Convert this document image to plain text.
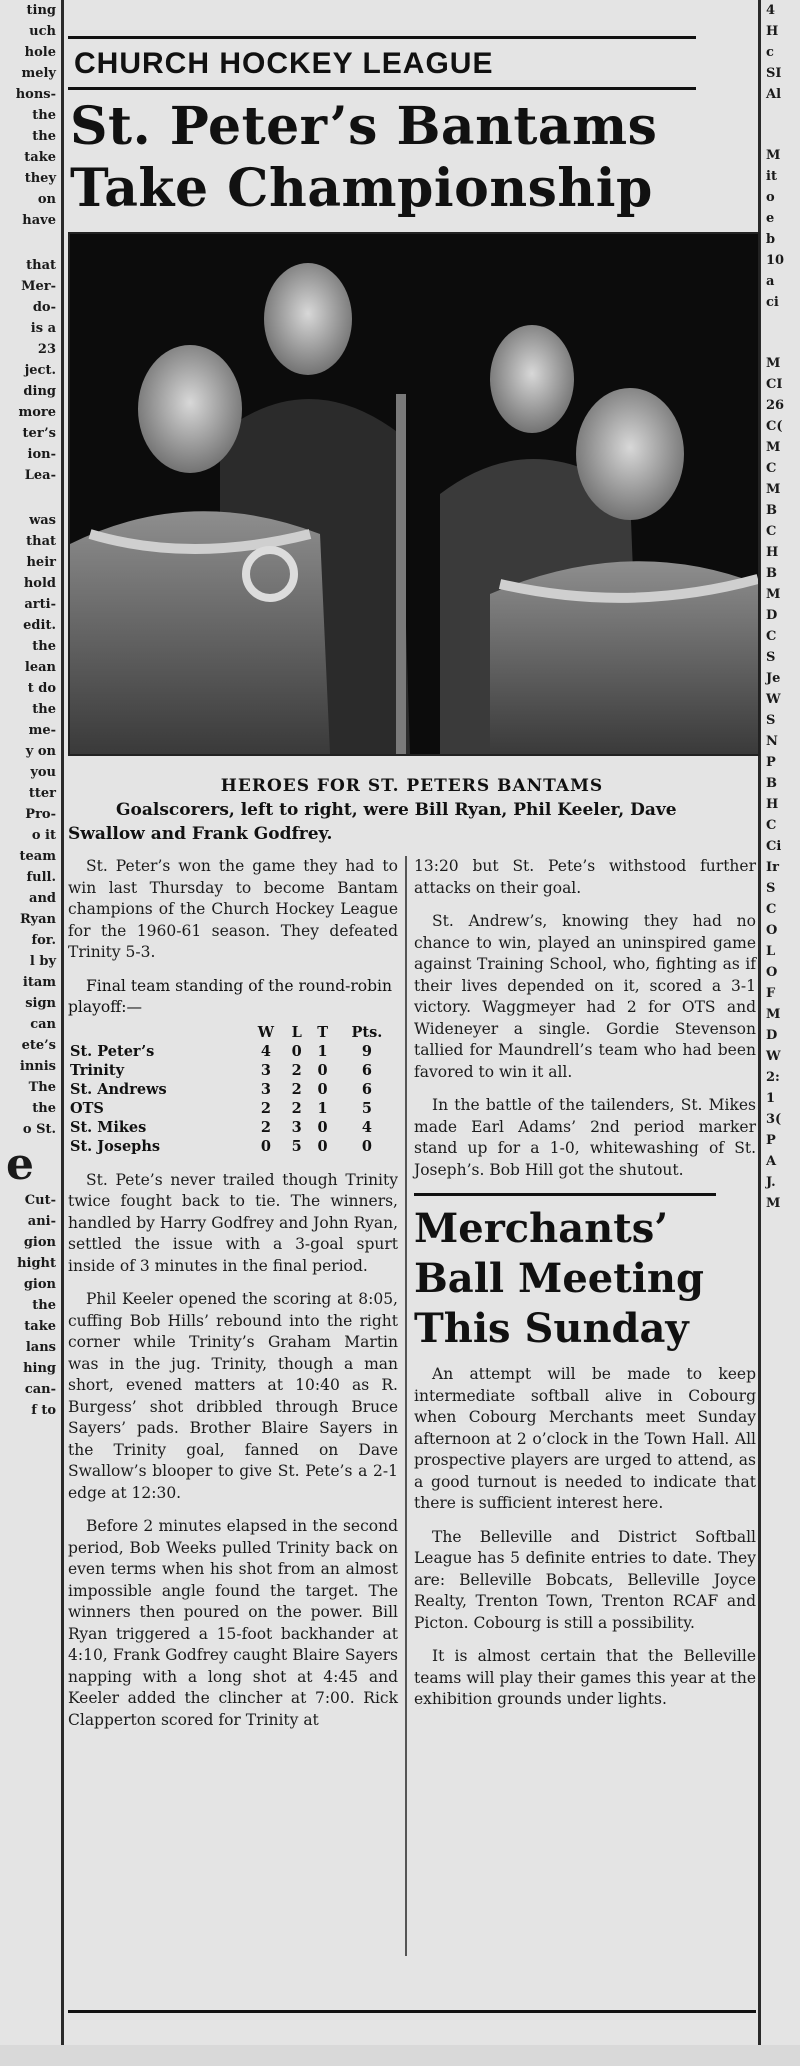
ting
uch
hole
mely
hons-
the
the
take
they
on
have
that
Mer-
do-
is a
23
ject.
ding
more
ter’s
ion-
Lea-
was
that
heir
hold
arti-
edit.
the
lean
t do
the
me-
y on
you
tter
Pro-
o it
team
full.
and
Ryan
for.
l by
itam
sign
can
ete’s
innis
The
the
o St.
e
Cut-
ani-
gion
hight
gion
the
take
lans
hing
can-
f to
4
H
c
SI
Al
M
it
o
e
b
10
a
ci
M
CI
26
C(
M
C
M
B
C
H
B
M
D
C
S
Je
W
S
N
P
B
H
C
Ci
Ir
S
C
O
L
O
F
M
D
W
2:
1
3(
P
A
J.
M
CHURCH HOCKEY LEAGUE
St. Peter’s Bantams
Take Championship
HEROES FOR ST. PETERS BANTAMS
Goalscorers, left to right, were Bill Ryan, Phil Keeler, Dave Swallow and Frank Godfrey.

St. Peter’s won the game they had to win last Thursday to become Bantam champions of the Church Hockey League for the 1960-61 season. They defeated Trinity 5-3.

Final team standing of the round-robin playoff:—

	W	L	T	Pts.
St. Peter’s	4	0	1	9
Trinity	3	2	0	6
St. Andrews	3	2	0	6
OTS	2	2	1	5
St. Mikes	2	3	0	4
St. Josephs	0	5	0	0

St. Pete’s never trailed though Trinity twice fought back to tie. The winners, handled by Harry Godfrey and John Ryan, settled the issue with a 3-goal spurt inside of 3 minutes in the final period.

Phil Keeler opened the scoring at 8:05, cuffing Bob Hills’ rebound into the right corner while Trinity’s Graham Martin was in the jug. Trinity, though a man short, evened matters at 10:40 as R. Burgess’ shot dribbled through Bruce Sayers’ pads. Brother Blaire Sayers in the Trinity goal, fanned on Dave Swallow’s blooper to give St. Pete’s a 2-1 edge at 12:30.

Before 2 minutes elapsed in the second period, Bob Weeks pulled Trinity back on even terms when his shot from an almost impossible angle found the target. The winners then poured on the power. Bill Ryan triggered a 15-foot backhander at 4:10, Frank Godfrey caught Blaire Sayers napping with a long shot at 4:45 and Keeler added the clincher at 7:00. Rick Clapperton scored for Trinity at

13:20 but St. Pete’s withstood further attacks on their goal.

St. Andrew’s, knowing they had no chance to win, played an uninspired game against Training School, who, fighting as if their lives depended on it, scored a 3-1 victory. Waggmeyer had 2 for OTS and Wideneyer a single. Gordie Stevenson tallied for Maundrell’s team who had been favored to win it all.

In the battle of the tailenders, St. Mikes made Earl Adams’ 2nd period marker stand up for a 1-0, whitewashing of St. Joseph’s. Bob Hill got the shutout.

Merchants’
Ball Meeting
This Sunday

An attempt will be made to keep intermediate softball alive in Cobourg when Cobourg Merchants meet Sunday afternoon at 2 o’clock in the Town Hall. All prospective players are urged to attend, as a good turnout is needed to indicate that there is sufficient interest here.

The Belleville and District Softball League has 5 definite entries to date. They are: Belleville Bobcats, Belleville Joyce Realty, Trenton Town, Trenton RCAF and Picton. Cobourg is still a possibility.

It is almost certain that the Belleville teams will play their games this year at the exhibition grounds under lights.
